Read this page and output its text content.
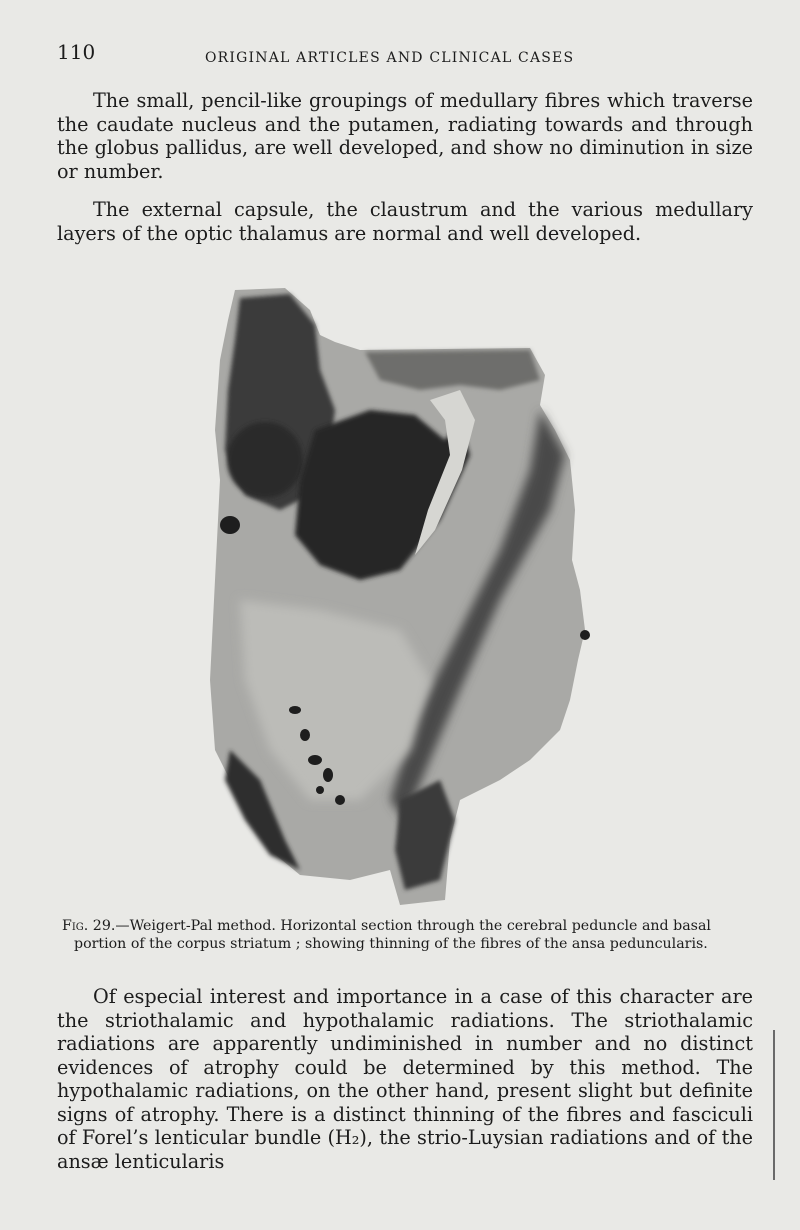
110	ORIGINAL ARTICLES AND CLINICAL CASES

The small, pencil-like groupings of medullary fibres which traverse the caudate nucleus and the putamen, radiating towards and through the globus pallidus, are well developed, and show no diminution in size or number.

The external capsule, the claustrum and the various medullary layers of the optic thalamus are normal and well developed.

Fig. 29.—Weigert-Pal method. Horizontal section through the cerebral peduncle and basal
portion of the corpus striatum ; showing thinning of the fibres of the ansa peduncularis.

Of especial interest and importance in a case of this character are the striothalamic and hypothalamic radiations. The striothalamic radiations are apparently undiminished in number and no distinct evidences of atrophy could be determined by this method. The hypothalamic radiations, on the other hand, present slight but definite signs of atrophy. There is a distinct thinning of the fibres and fasciculi of Forel’s lenticular bundle (H₂), the strio-Luysian radiations and of the ansæ lenticularis
